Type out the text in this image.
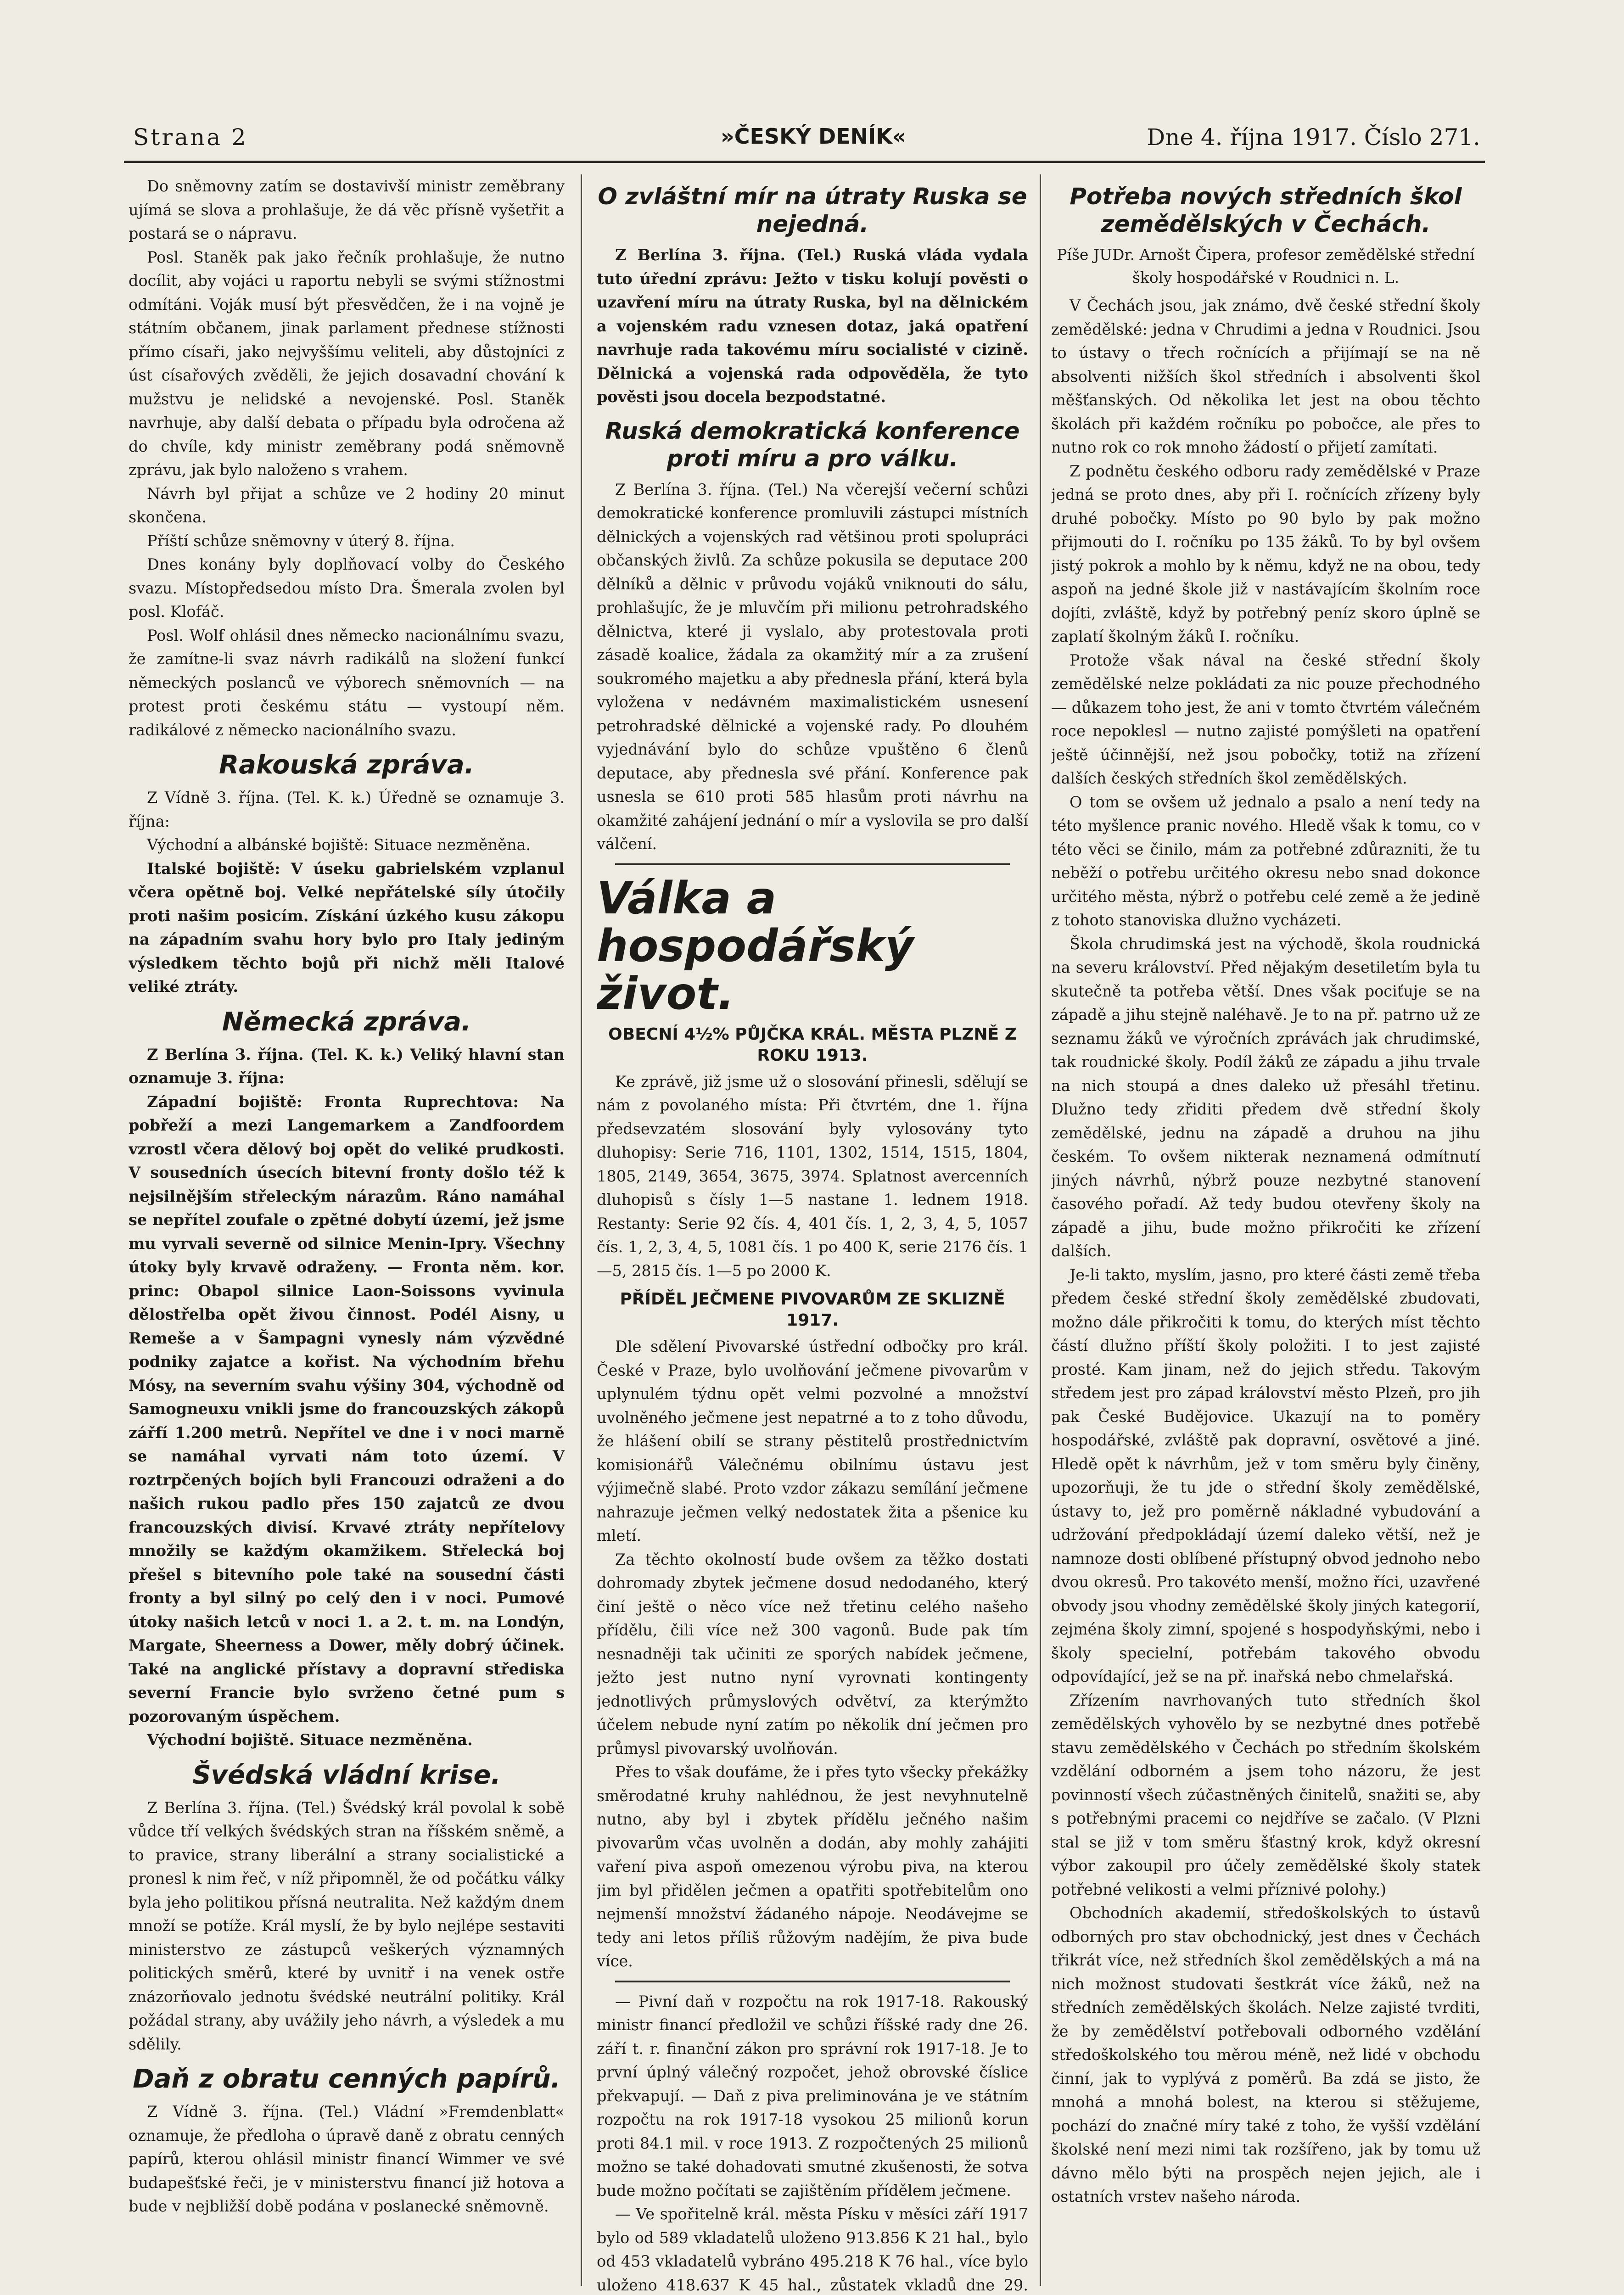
Strana 2	»ČESKÝ DENÍK«	Dne 4. října 1917. Číslo 271.

Do sněmovny zatím se dostavivší ministr zeměbrany ujímá se slova a prohlašuje, že dá věc přísně vyšetřit a postará se o nápravu.

Posl. Staněk pak jako řečník prohlašuje, že nutno docílit, aby vojáci u raportu nebyli se svými stížnostmi odmítáni. Voják musí být přesvědčen, že i na vojně je státním občanem, jinak parlament přednese stížnosti přímo císaři, jako nejvyššímu veliteli, aby důstojníci z úst císařových zvěděli, že jejich dosavadní chování k mužstvu je nelidské a nevojenské. Posl. Staněk navrhuje, aby další debata o případu byla odročena až do chvíle, kdy ministr zeměbrany podá sněmovně zprávu, jak bylo naloženo s vrahem.

Návrh byl přijat a schůze ve 2 hodiny 20 minut skončena.

Příští schůze sněmovny v úterý 8. října.

Dnes konány byly doplňovací volby do Českého svazu. Místopředsedou místo Dra. Šmerala zvolen byl posl. Klofáč.

Posl. Wolf ohlásil dnes německo nacionálnímu svazu, že zamítne-li svaz návrh radikálů na složení funkcí německých poslanců ve výborech sněmovních — na protest proti českému státu — vystoupí něm. radikálové z německo nacionálního svazu.

Rakouská zpráva.

Z Vídně 3. října. (Tel. K. k.) Úředně se oznamuje 3. října:

Východní a albánské bojiště: Situace nezměněna.

Italské bojiště: V úseku gabrielském vzplanul včera opětně boj. Velké nepřátelské síly útočily proti našim posicím. Získání úzkého kusu zákopu na západním svahu hory bylo pro Italy jediným výsledkem těchto bojů při nichž měli Italové veliké ztráty.

Německá zpráva.

Z Berlína 3. října. (Tel. K. k.) Veliký hlavní stan oznamuje 3. října:

Západní bojiště: Fronta Ruprechtova: Na pobřeží a mezi Langemarkem a Zandfoordem vzrostl včera dělový boj opět do veliké prudkosti. V sousedních úsecích bitevní fronty došlo též k nejsilnějším střeleckým nárazům. Ráno namáhal se nepřítel zoufale o zpětné dobytí území, jež jsme mu vyrvali severně od silnice Menin-Ipry. Všechny útoky byly krvavě odraženy. — Fronta něm. kor. princ: Obapol silnice Laon-Soissons vyvinula dělostřelba opět živou činnost. Podél Aisny, u Remeše a v Šampagni vynesly nám výzvědné podniky zajatce a kořist. Na východním břehu Mósy, na severním svahu výšiny 304, východně od Samogneuxu vnikli jsme do francouzských zákopů zářfí 1.200 metrů. Nepřítel ve dne i v noci marně se namáhal vyrvati nám toto území. V roztrpčených bojích byli Francouzi odraženi a do našich rukou padlo přes 150 zajatců ze dvou francouzských divisí. Krvavé ztráty nepřítelovy množily se každým okamžikem. Střelecká boj přešel s bitevního pole také na sousední části fronty a byl silný po celý den i v noci. Pumové útoky našich letců v noci 1. a 2. t. m. na Londýn, Margate, Sheerness a Dower, měly dobrý účinek. Také na anglické přístavy a dopravní střediska severní Francie bylo svrženo četné pum s pozorovaným úspěchem.

Východní bojiště. Situace nezměněna.

Švédská vládní krise.

Z Berlína 3. října. (Tel.) Švédský král povolal k sobě vůdce tří velkých švédských stran na říšském sněmě, a to pravice, strany liberální a strany socialistické a pronesl k nim řeč, v níž připomněl, že od počátku války byla jeho politikou přísná neutralita. Než každým dnem množí se potíže. Král myslí, že by bylo nejlépe sestaviti ministerstvo ze zástupců veškerých významných politických směrů, které by uvnitř i na venek ostře znázorňovalo jednotu švédské neutrální politiky. Král požádal strany, aby uvážily jeho návrh, a výsledek a mu sdělily.

Daň z obratu cenných papírů.

Z Vídně 3. října. (Tel.) Vládní »Fremdenblatt« oznamuje, že předloha o úpravě daně z obratu cenných papírů, kterou ohlásil ministr financí Wimmer ve své budapešťské řeči, je v ministerstvu financí již hotova a bude v nejbližší době podána v poslanecké sněmovně.

O zvláštní mír na útraty Ruska se nejedná.

Z Berlína 3. října. (Tel.) Ruská vláda vydala tuto úřední zprávu: Ježto v tisku kolují pověsti o uzavření míru na útraty Ruska, byl na dělnickém a vojenském radu vznesen dotaz, jaká opatření navrhuje rada takovému míru socialisté v cizině. Dělnická a vojenská rada odpověděla, že tyto pověsti jsou docela bezpodstatné.

Ruská demokratická konference proti míru a pro válku.

Z Berlína 3. října. (Tel.) Na včerejší večerní schůzi demokratické konference promluvili zástupci místních dělnických a vojenských rad většinou proti spolupráci občanských živlů. Za schůze pokusila se deputace 200 dělníků a dělnic v průvodu vojáků vniknouti do sálu, prohlašujíc, že je mluvčím při milionu petrohradského dělnictva, které ji vyslalo, aby protestovala proti zásadě koalice, žádala za okamžitý mír a za zrušení soukromého majetku a aby přednesla přání, která byla vyložena v nedávném maximalistickém usnesení petrohradské dělnické a vojenské rady. Po dlouhém vyjednávání bylo do schůze vpuštěno 6 členů deputace, aby přednesla své přání. Konference pak usnesla se 610 proti 585 hlasům proti návrhu na okamžité zahájení jednání o mír a vyslovila se pro další válčení.

Válka a hospodářský život.
OBECNÍ 4½% PŮJČKA KRÁL. MĚSTA PLZNĚ Z ROKU 1913.

Ke zprávě, již jsme už o slosování přinesli, sdělují se nám z povolaného místa: Při čtvrtém, dne 1. října předsevzatém slosování byly vylosovány tyto dluhopisy: Serie 716, 1101, 1302, 1514, 1515, 1804, 1805, 2149, 3654, 3675, 3974. Splatnost avercenních dluhopisů s čísly 1—5 nastane 1. lednem 1918. Restanty: Serie 92 čís. 4, 401 čís. 1, 2, 3, 4, 5, 1057 čís. 1, 2, 3, 4, 5, 1081 čís. 1 po 400 K, serie 2176 čís. 1—5, 2815 čís. 1—5 po 2000 K.

PŘÍDĚL JEČMENE PIVOVARŮM ZE SKLIZNĚ 1917.

Dle sdělení Pivovarské ústřední odbočky pro král. České v Praze, bylo uvolňování ječmene pivovarům v uplynulém týdnu opět velmi pozvolné a množství uvolněného ječmene jest nepatrné a to z toho důvodu, že hlášení obilí se strany pěstitelů prostřednictvím komisionářů Válečnému obilnímu ústavu jest výjimečně slabé. Proto vzdor zákazu semílání ječmene nahrazuje ječmen velký nedostatek žita a pšenice ku mletí.

Za těchto okolností bude ovšem za těžko dostati dohromady zbytek ječmene dosud nedodaného, který činí ještě o něco více než třetinu celého našeho přídělu, čili více než 300 vagonů. Bude pak tím nesnadněji tak učiniti ze sporých nabídek ječmene, ježto jest nutno nyní vyrovnati kontingenty jednotlivých průmyslových odvětví, za kterýmžto účelem nebude nyní zatím po několik dní ječmen pro průmysl pivovarský uvolňován.

Přes to však doufáme, že i přes tyto všecky překážky směrodatné kruhy nahlédnou, že jest nevyhnutelně nutno, aby byl i zbytek přídělu ječného našim pivovarům včas uvolněn a dodán, aby mohly zahájiti vaření piva aspoň omezenou výrobu piva, na kterou jim byl přidělen ječmen a opatřiti spotřebitelům ono nejmenší množství žádaného nápoje. Neodávejme se tedy ani letos příliš růžovým nadějím, že piva bude více.

— Pivní daň v rozpočtu na rok 1917-18. Rakouský ministr financí předložil ve schůzi říšské rady dne 26. září t. r. finanční zákon pro správní rok 1917-18. Je to první úplný válečný rozpočet, jehož obrovské číslice překvapují. — Daň z piva preliminována je ve státním rozpočtu na rok 1917-18 vysokou 25 milionů korun proti 84.1 mil. v roce 1913. Z rozpočtených 25 milionů možno se také dohadovati smutné zkušenosti, že sotva bude možno počítati se zajištěním přídělem ječmene.

— Ve spořitelně král. města Písku v měsíci září 1917 bylo od 589 vkladatelů uloženo 913.856 K 21 hal., bylo od 453 vkladatelů vybráno 495.218 K 76 hal., více bylo uloženo 418.637 K 45 hal., zůstatek vkladů dne 29.

Potřeba nových středních škol zemědělských v Čechách.

Píše JUDr. Arnošt Čipera, profesor zemědělské střední školy hospodářské v Roudnici n. L.

V Čechách jsou, jak známo, dvě české střední školy zemědělské: jedna v Chrudimi a jedna v Roudnici. Jsou to ústavy o třech ročnících a přijímají se na ně absolventi nižších škol středních i absolventi škol měšťanských. Od několika let jest na obou těchto školách při každém ročníku po pobočce, ale přes to nutno rok co rok mnoho žádostí o přijetí zamítati.

Z podnětu českého odboru rady zemědělské v Praze jedná se proto dnes, aby při I. ročnících zřízeny byly druhé pobočky. Místo po 90 bylo by pak možno přijmouti do I. ročníku po 135 žáků. To by byl ovšem jistý pokrok a mohlo by k němu, když ne na obou, tedy aspoň na jedné škole již v nastávajícím školním roce dojíti, zvláště, když by potřebný peníz skoro úplně se zaplatí školným žáků I. ročníku.

Protože však nával na české střední školy zemědělské nelze pokládati za nic pouze přechodného — důkazem toho jest, že ani v tomto čtvrtém válečném roce nepoklesl — nutno zajisté pomýšleti na opatření ještě účinnější, než jsou pobočky, totiž na zřízení dalších českých středních škol zemědělských.

O tom se ovšem už jednalo a psalo a není tedy na této myšlence pranic nového. Hledě však k tomu, co v této věci se činilo, mám za potřebné zdůrazniti, že tu neběží o potřebu určitého okresu nebo snad dokonce určitého města, nýbrž o potřebu celé země a že jedině z tohoto stanoviska dlužno vycházeti.

Škola chrudimská jest na východě, škola roudnická na severu království. Před nějakým desetiletím byla tu skutečně ta potřeba větší. Dnes však pociťuje se na západě a jihu stejně naléhavě. Je to na př. patrno už ze seznamu žáků ve výročních zprávách jak chrudimské, tak roudnické školy. Podíl žáků ze západu a jihu trvale na nich stoupá a dnes daleko už přesáhl třetinu. Dlužno tedy zřiditi předem dvě střední školy zemědělské, jednu na západě a druhou na jihu českém. To ovšem nikterak neznamená odmítnutí jiných návrhů, nýbrž pouze nezbytné stanovení časového pořadí. Až tedy budou otevřeny školy na západě a jihu, bude možno přikročiti ke zřízení dalších.

Je-li takto, myslím, jasno, pro které části země třeba předem české střední školy zemědělské zbudovati, možno dále přikročiti k tomu, do kterých míst těchto částí dlužno příští školy položiti. I to jest zajisté prosté. Kam jinam, než do jejich středu. Takovým středem jest pro západ království město Plzeň, pro jih pak České Budějovice. Ukazují na to poměry hospodářské, zvláště pak dopravní, osvětové a jiné. Hledě opět k návrhům, jež v tom směru byly činěny, upozorňuji, že tu jde o střední školy zemědělské, ústavy to, jež pro poměrně nákladné vybudování a udržování předpokládají území daleko větší, než je namnoze dosti oblíbené přístupný obvod jednoho nebo dvou okresů. Pro takovéto menší, možno říci, uzavřené obvody jsou vhodny zemědělské školy jiných kategorií, zejména školy zimní, spojené s hospodyňskými, nebo i školy specielní, potřebám takového obvodu odpovídající, jež se na př. inařská nebo chmelařská.

Zřízením navrhovaných tuto středních škol zemědělských vyhovělo by se nezbytné dnes potřebě stavu zemědělského v Čechách po středním školském vzdělání odborném a jsem toho názoru, že jest povinností všech zúčastněných činitelů, snažiti se, aby s potřebnými pracemi co nejdříve se začalo. (V Plzni stal se již v tom směru šťastný krok, když okresní výbor zakoupil pro účely zemědělské školy statek potřebné velikosti a velmi příznivé polohy.)

Obchodních akademií, středoškolských to ústavů odborných pro stav obchodnický, jest dnes v Čechách třikrát více, než středních škol zemědělských a má na nich možnost studovati šestkrát více žáků, než na středních zemědělských školách. Nelze zajisté tvrditi, že by zemědělství potřebovali odborného vzdělání středoškolského tou měrou méně, než lidé v obchodu činní, jak to vyplývá z poměrů. Ba zdá se jisto, že mnohá a mnohá bolest, na kterou si stěžujeme, pochází do značné míry také z toho, že vyšší vzdělání školské není mezi nimi tak rozšířeno, jak by tomu už dávno mělo býti na prospěch nejen jejich, ale i ostatních vrstev našeho národa.
